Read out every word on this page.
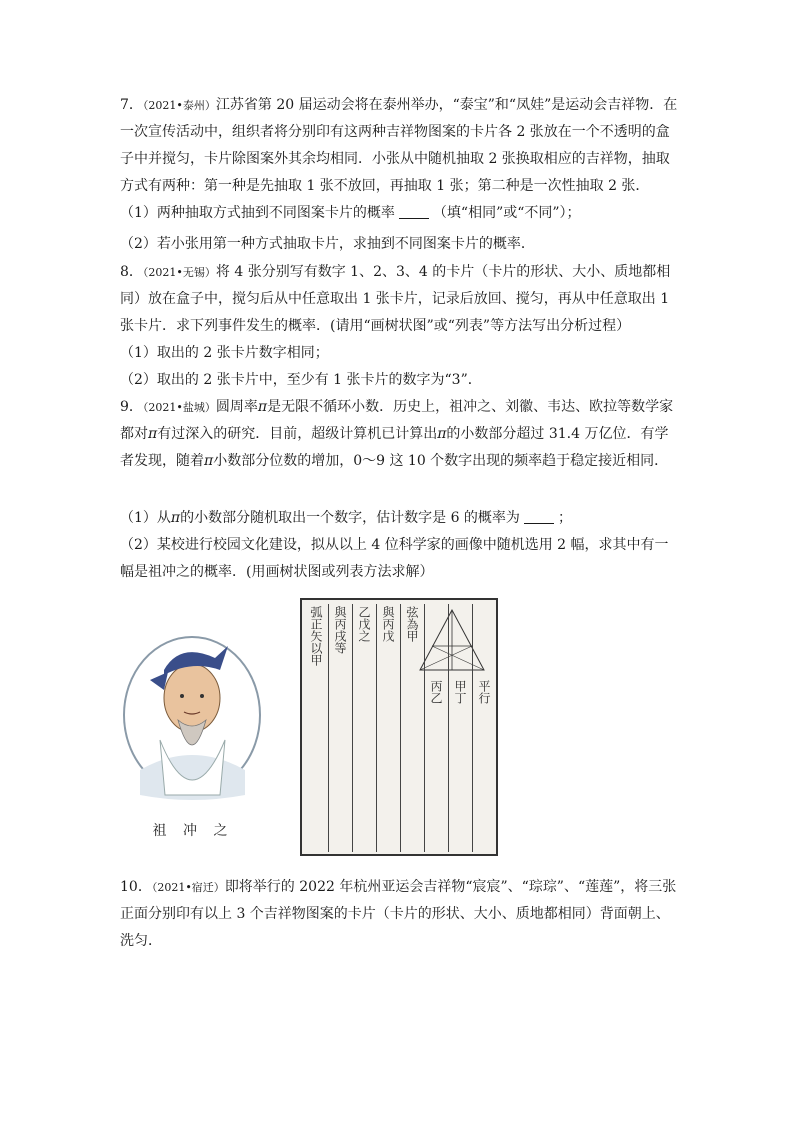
7．（2021•泰州）江苏省第 20 届运动会将在泰州举办，“泰宝”和“凤娃”是运动会吉祥物．在一次宣传活动中，组织者将分别印有这两种吉祥物图案的卡片各 2 张放在一个不透明的盒子中并搅匀，卡片除图案外其余均相同．小张从中随机抽取 2 张换取相应的吉祥物，抽取方式有两种：第一种是先抽取 1 张不放回，再抽取 1 张；第二种是一次性抽取 2 张．

（1）两种抽取方式抽到不同图案卡片的概率	（填“相同”或“不同”）；

（2）若小张用第一种方式抽取卡片，求抽到不同图案卡片的概率．

8．（2021•无锡）将 4 张分别写有数字 1、2、3、4 的卡片（卡片的形状、大小、质地都相同）放在盒子中，搅匀后从中任意取出 1 张卡片，记录后放回、搅匀，再从中任意取出 1 张卡片．求下列事件发生的概率．(请用“画树状图”或“列表”等方法写出分析过程）

（1）取出的 2 张卡片数字相同；

（2）取出的 2 张卡片中，至少有 1 张卡片的数字为“3”．

9．（2021•盐城）圆周率π是无限不循环小数．历史上，祖冲之、刘徽、韦达、欧拉等数学家都对π有过深入的研究．目前，超级计算机已计算出π的小数部分超过 31.4 万亿位．有学者发现，随着π小数部分位数的增加，0～9 这 10 个数字出现的频率趋于稳定接近相同．

（1）从π的小数部分随机取出一个数字，估计数字是 6 的概率为	；

（2）某校进行校园文化建设，拟从以上 4 位科学家的画像中随机选用 2 幅，求其中有一幅是祖冲之的概率．(用画树状图或列表方法求解）

祖 冲 之
弧正矢以甲 與丙戌等 乙戊之 與丙戊 弦為甲
丙乙 甲丁 平行

10．（2021•宿迁）即将举行的 2022 年杭州亚运会吉祥物“宸宸”、“琮琮”、“莲莲”，将三张正面分别印有以上 3 个吉祥物图案的卡片（卡片的形状、大小、质地都相同）背面朝上、洗匀．
